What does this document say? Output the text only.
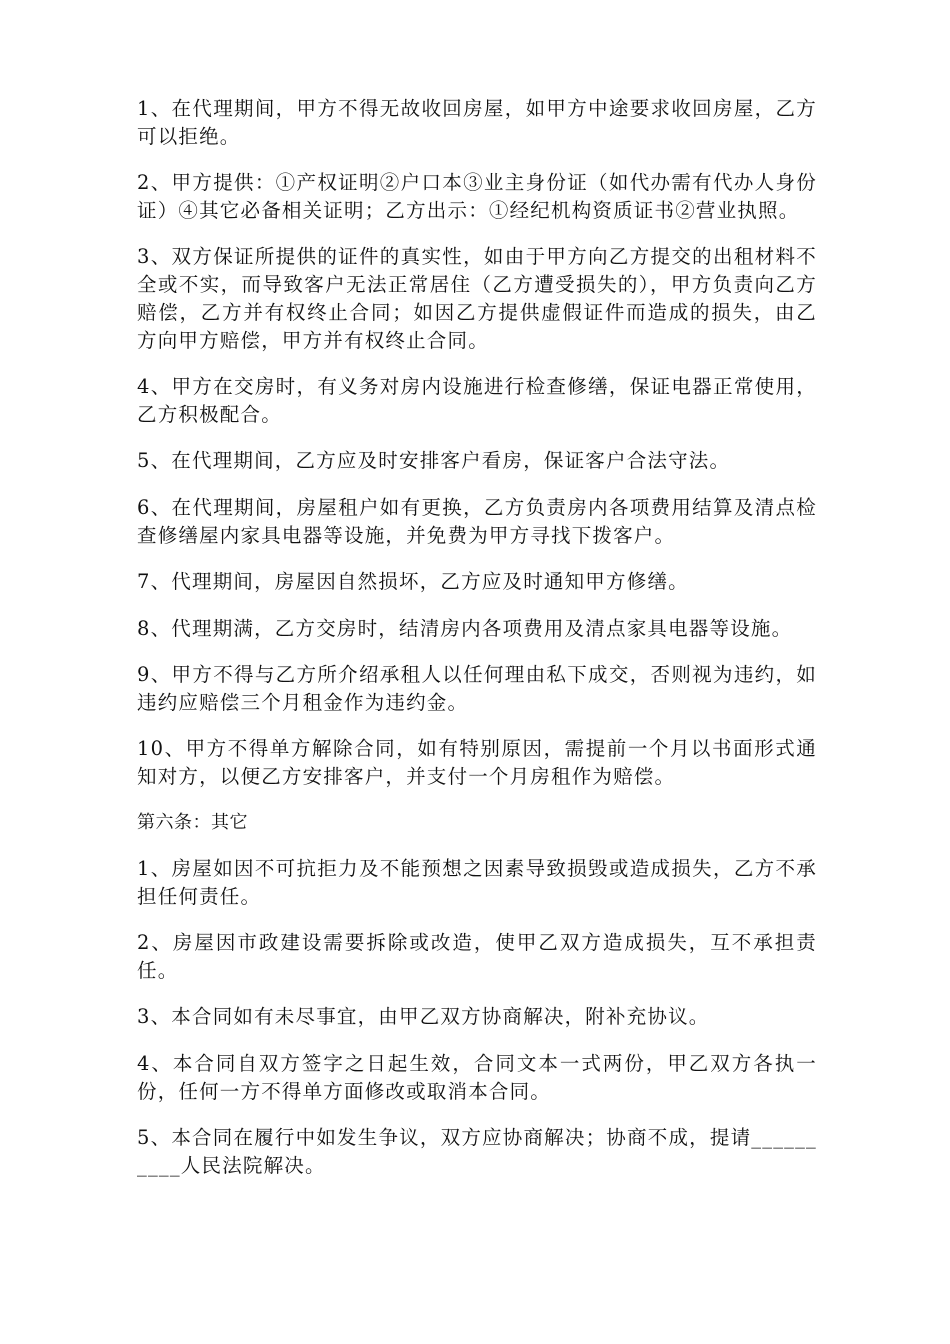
1、在代理期间，甲方不得无故收回房屋，如甲方中途要求收回房屋，乙方可以拒绝。

2、甲方提供：①产权证明②户口本③业主身份证（如代办需有代办人身份证）④其它必备相关证明；乙方出示：①经纪机构资质证书②营业执照。

3、双方保证所提供的证件的真实性，如由于甲方向乙方提交的出租材料不全或不实，而导致客户无法正常居住（乙方遭受损失的），甲方负责向乙方赔偿，乙方并有权终止合同；如因乙方提供虚假证件而造成的损失，由乙方向甲方赔偿，甲方并有权终止合同。

4、甲方在交房时，有义务对房内设施进行检查修缮，保证电器正常使用，乙方积极配合。

5、在代理期间，乙方应及时安排客户看房，保证客户合法守法。

6、在代理期间，房屋租户如有更换，乙方负责房内各项费用结算及清点检查修缮屋内家具电器等设施，并免费为甲方寻找下拨客户。

7、代理期间，房屋因自然损坏，乙方应及时通知甲方修缮。

8、代理期满，乙方交房时，结清房内各项费用及清点家具电器等设施。

9、甲方不得与乙方所介绍承租人以任何理由私下成交，否则视为违约，如违约应赔偿三个月租金作为违约金。

10、甲方不得单方解除合同，如有特别原因，需提前一个月以书面形式通知对方，以便乙方安排客户，并支付一个月房租作为赔偿。

第六条：其它

1、房屋如因不可抗拒力及不能预想之因素导致损毁或造成损失，乙方不承担任何责任。

2、房屋因市政建设需要拆除或改造，使甲乙双方造成损失，互不承担责任。

3、本合同如有未尽事宜，由甲乙双方协商解决，附补充协议。

4、本合同自双方签字之日起生效，合同文本一式两份，甲乙双方各执一份，任何一方不得单方面修改或取消本合同。

5、本合同在履行中如发生争议，双方应协商解决；协商不成，提请__________人民法院解决。
